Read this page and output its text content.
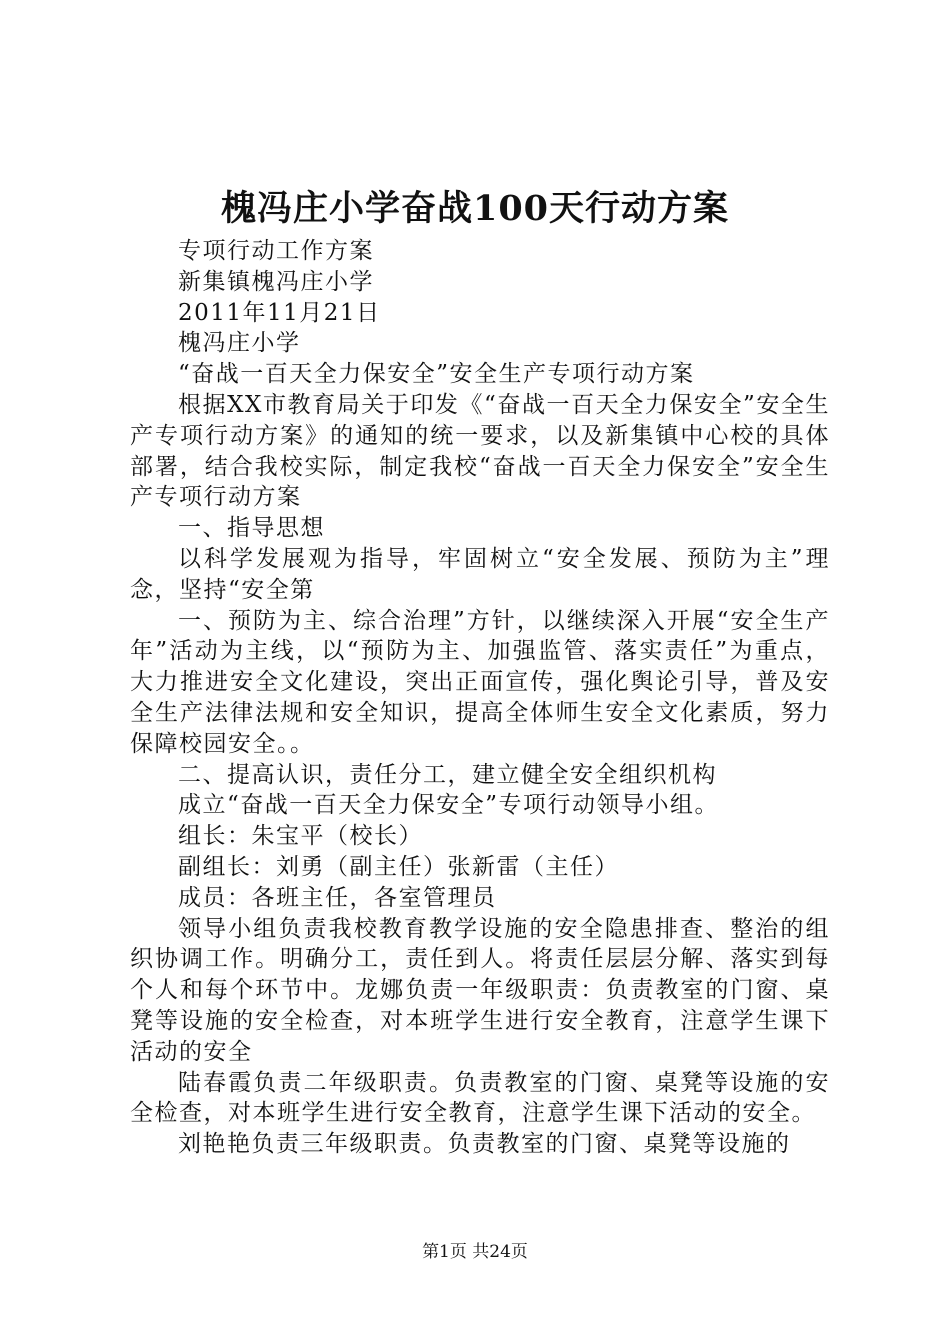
槐冯庄小学奋战100天行动方案

专项行动工作方案

新集镇槐冯庄小学

2011年11月21日

槐冯庄小学

“奋战一百天全力保安全”安全生产专项行动方案

根据XX市教育局关于印发《“奋战一百天全力保安全”安全生产专项行动方案》的通知的统一要求，以及新集镇中心校的具体部署，结合我校实际，制定我校“奋战一百天全力保安全”安全生产专项行动方案

一、指导思想

以科学发展观为指导，牢固树立“安全发展、预防为主”理念，坚持“安全第

一、预防为主、综合治理”方针，以继续深入开展“安全生产年”活动为主线，以“预防为主、加强监管、落实责任”为重点，大力推进安全文化建设，突出正面宣传，强化舆论引导，普及安全生产法律法规和安全知识，提高全体师生安全文化素质，努力保障校园安全。。

二、提高认识，责任分工，建立健全安全组织机构

成立“奋战一百天全力保安全”专项行动领导小组。

组长：朱宝平（校长）

副组长：刘勇（副主任）张新雷（主任）

成员：各班主任，各室管理员

领导小组负责我校教育教学设施的安全隐患排查、整治的组织协调工作。明确分工，责任到人。将责任层层分解、落实到每个人和每个环节中。龙娜负责一年级职责：负责教室的门窗、桌凳等设施的安全检查，对本班学生进行安全教育，注意学生课下活动的安全

陆春霞负责二年级职责。负责教室的门窗、桌凳等设施的安全检查，对本班学生进行安全教育，注意学生课下活动的安全。

刘艳艳负责三年级职责。负责教室的门窗、桌凳等设施的

第1页 共24页
